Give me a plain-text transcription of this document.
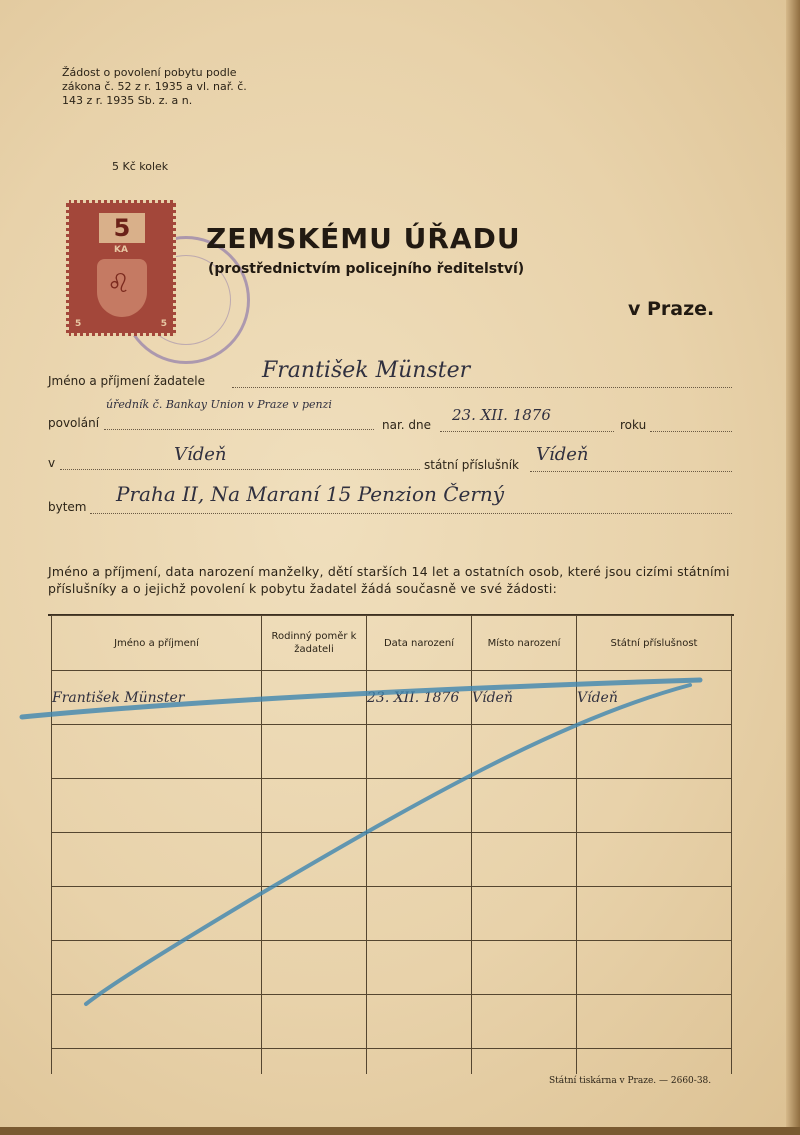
Žádost o povolení pobytu podle zákona č. 52 z r. 1935 a vl. nař. č. 143 z r. 1935 Sb. z. a n.
5 Kč kolek
5
KA
♌
5	5
ZEMSKÉMU ÚŘADU
(prostřednictvím policejního ředitelství)
v Praze.
Jméno a příjmení žadatele	František Münster
povolání
úředník č. Bankay Union v Praze v penzi
nar. dne
23. XII. 1876
roku
v	Vídeň	státní příslušník Vídeň
bytem
Praha II, Na Maraní 15 Penzion Černý
Jméno a příjmení, data narození manželky, dětí starších 14 let a ostatních osob, které jsou cizími státními příslušníky a o jejichž povolení k pobytu žadatel žádá současně ve své žádosti:
Jméno a příjmení	Rodinný poměr k žadateli	Data narození	Místo narození	Státní příslušnost
František Münster		23. XII. 1876	Vídeň	Vídeň

Státní tiskárna v Praze. — 2660-38.
